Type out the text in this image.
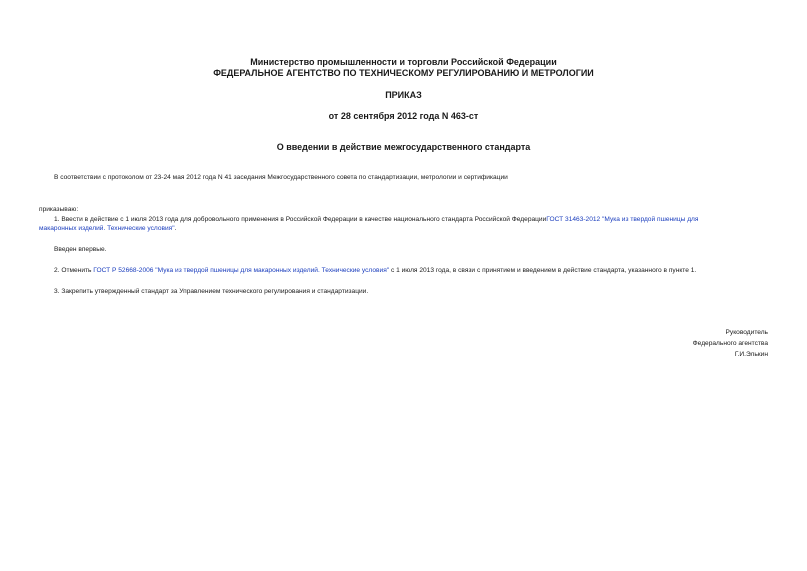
Министерство промышленности и торговли Российской Федерации
ФЕДЕРАЛЬНОЕ АГЕНТСТВО ПО ТЕХНИЧЕСКОМУ РЕГУЛИРОВАНИЮ И МЕТРОЛОГИИ
ПРИКАЗ
от 28 сентября 2012 года N 463-ст
О введении в действие межгосударственного стандарта
В соответствии с протоколом от 23-24 мая 2012 года N 41 заседания Межгосударственного совета по стандартизации, метрологии и сертификации
приказываю:
1. Ввести в действие с 1 июля 2013 года для добровольного применения в Российской Федерации в качестве национального стандарта Российской ФедерацииГОСТ 31463-2012 "Мука из твердой пшеницы для
макаронных изделий. Технические условия".
Введен впервые.
2. Отменить ГОСТ Р 52668-2006 "Мука из твердой пшеницы для макаронных изделий. Технические условия" с 1 июля 2013 года, в связи с принятием и введением в действие стандарта, указанного в пункте 1.
3. Закрепить утвержденный стандарт за Управлением технического регулирования и стандартизации.
Руководитель
Федерального агентства
Г.И.Элькин
